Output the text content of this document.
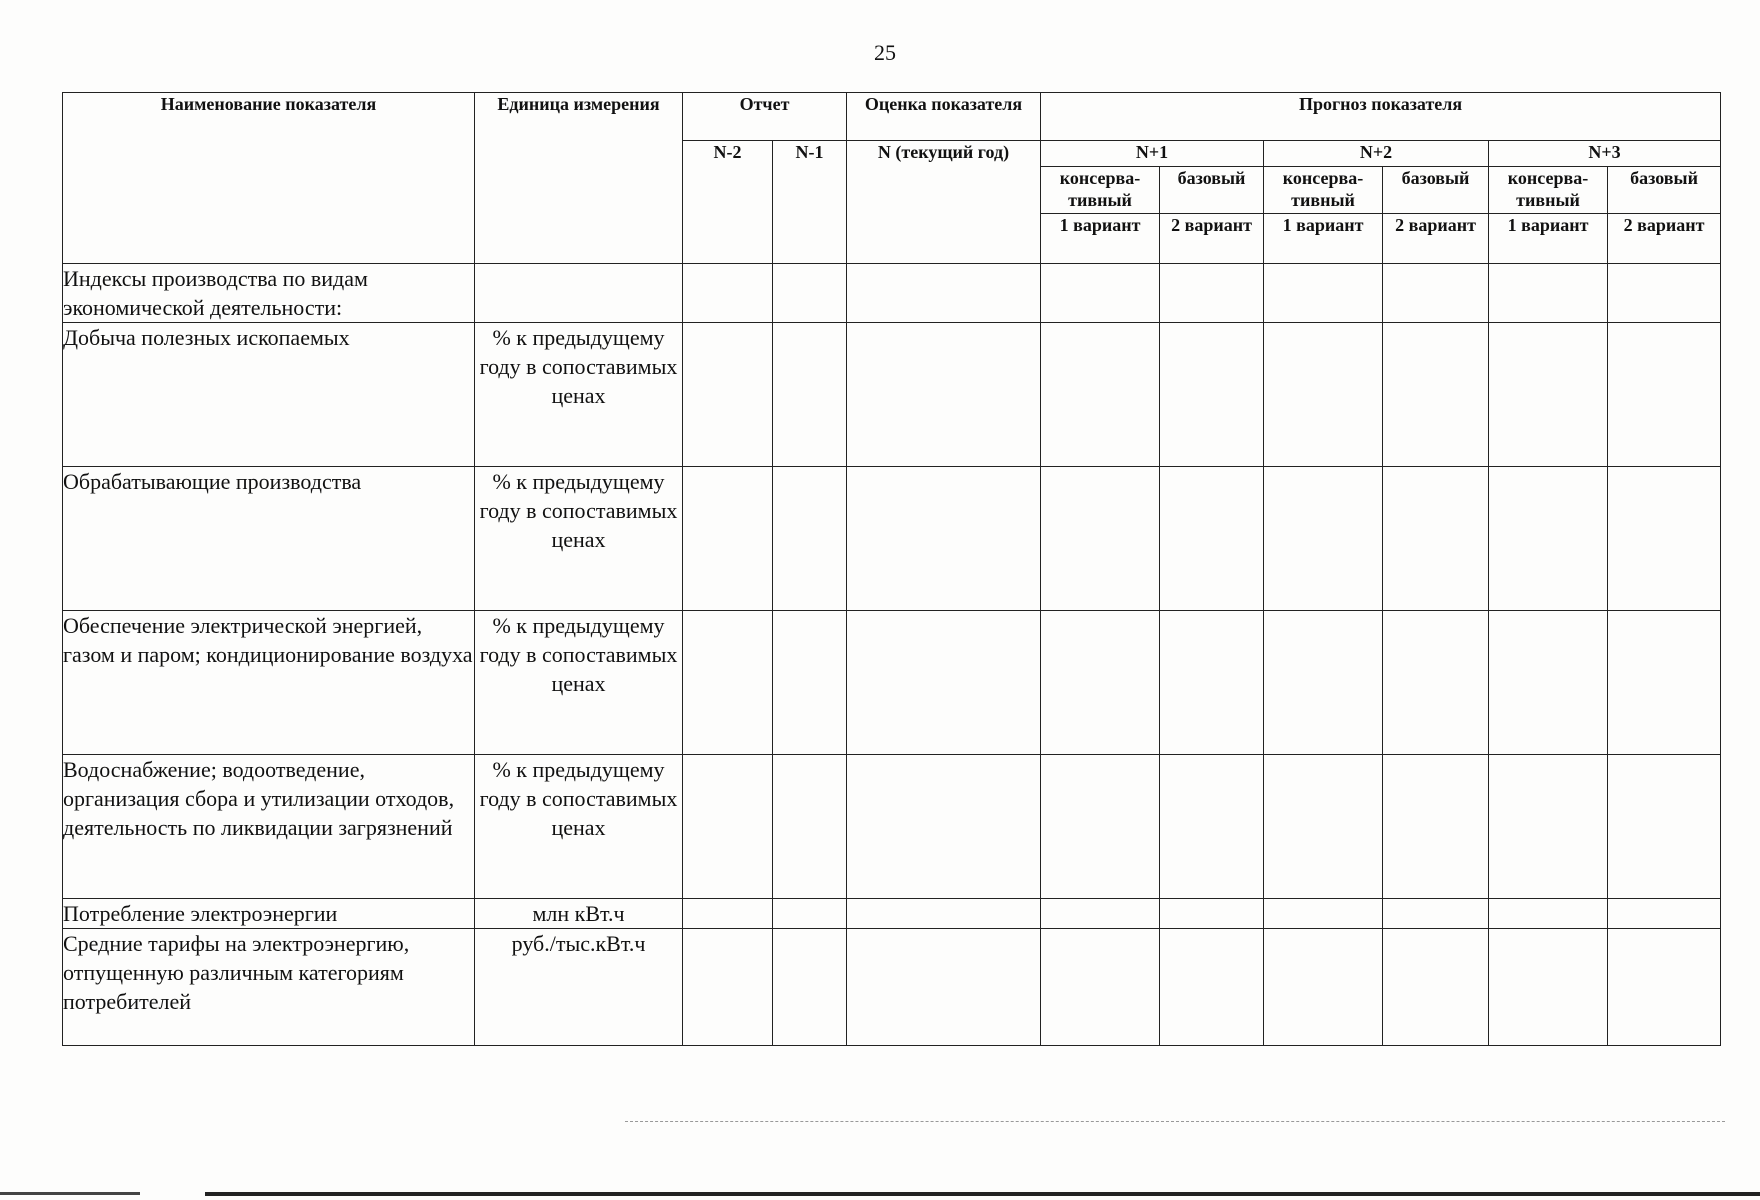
25
Наименование показателя	Единица измерения	Отчет		Оценка показателя	Прогноз показателя					
		N-2	N-1	N (текущий год)	N+1		N+2		N+3	
					консерва-тивный	базовый	консерва-тивный	базовый	консерва-тивный	базовый
					1 вариант	2 вариант	1 вариант	2 вариант	1 вариант	2 вариант
Индексы производства по видам экономической деятельности:										
Добыча полезных ископаемых	% к предыдущему году в сопоставимых ценах									
Обрабатывающие производства	% к предыдущему году в сопоставимых ценах									
Обеспечение электрической энергией, газом и паром; кондиционирование воздуха	% к предыдущему году в сопоставимых ценах									
Водоснабжение; водоотведение, организация сбора и утилизации отходов, деятельность по ликвидации загрязнений	% к предыдущему году в сопоставимых ценах									
Потребление электроэнергии	млн кВт.ч									
Средние тарифы на электроэнергию, отпущенную различным категориям потребителей	руб./тыс.кВт.ч									
